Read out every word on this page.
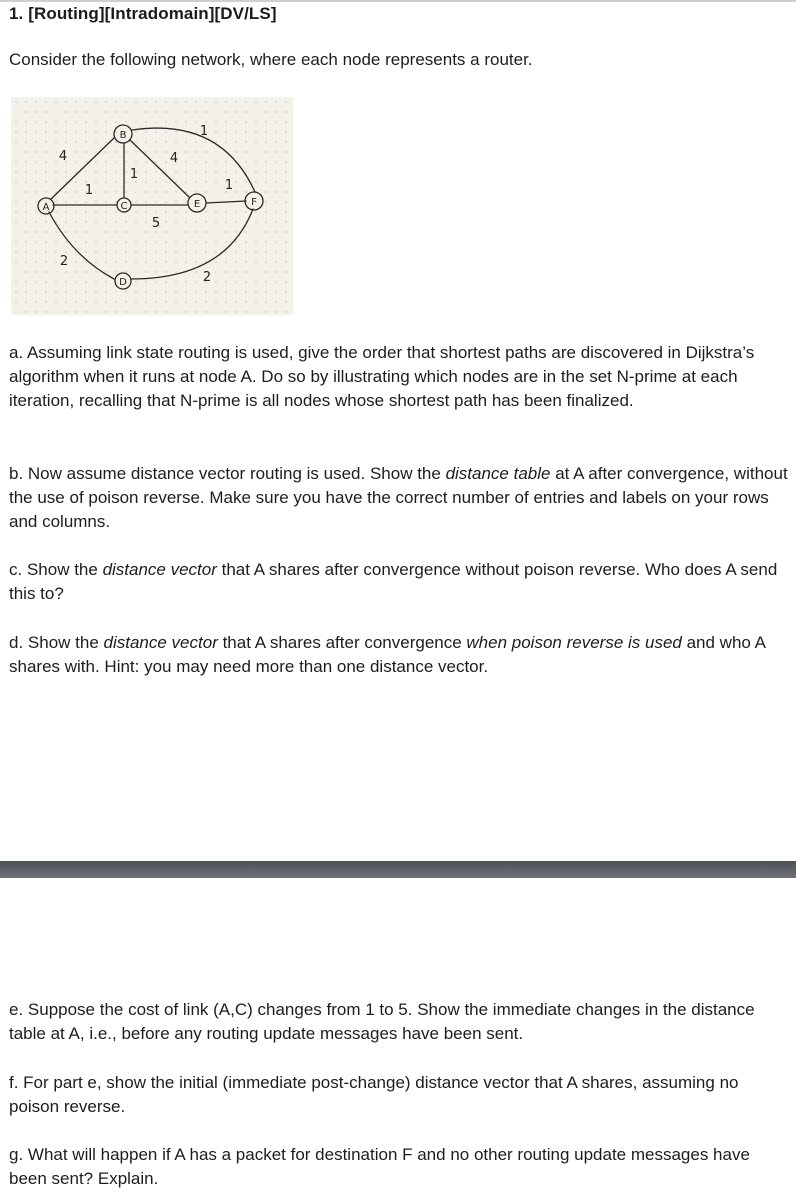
1. [Routing][Intradomain][DV/LS]

Consider the following network, where each node represents a router.

A
B
C
D
E	F
4
1
2
1
4
1
5
1
2

a. Assuming link state routing is used, give the order that shortest paths are discovered in Dijkstra’s algorithm when it runs at node A. Do so by illustrating which nodes are in the set N-prime at each iteration, recalling that N-prime is all nodes whose shortest path has been finalized.

b. Now assume distance vector routing is used. Show the distance table at A after convergence, without the use of poison reverse. Make sure you have the correct number of entries and labels on your rows and columns.

c. Show the distance vector that A shares after convergence without poison reverse. Who does A send this to?

d. Show the distance vector that A shares after convergence when poison reverse is used and who A shares with. Hint: you may need more than one distance vector.

e. Suppose the cost of link (A,C) changes from 1 to 5. Show the immediate changes in the distance table at A, i.e., before any routing update messages have been sent.

f. For part e, show the initial (immediate post-change) distance vector that A shares, assuming no poison reverse.

g. What will happen if A has a packet for destination F and no other routing update messages have been sent? Explain.
